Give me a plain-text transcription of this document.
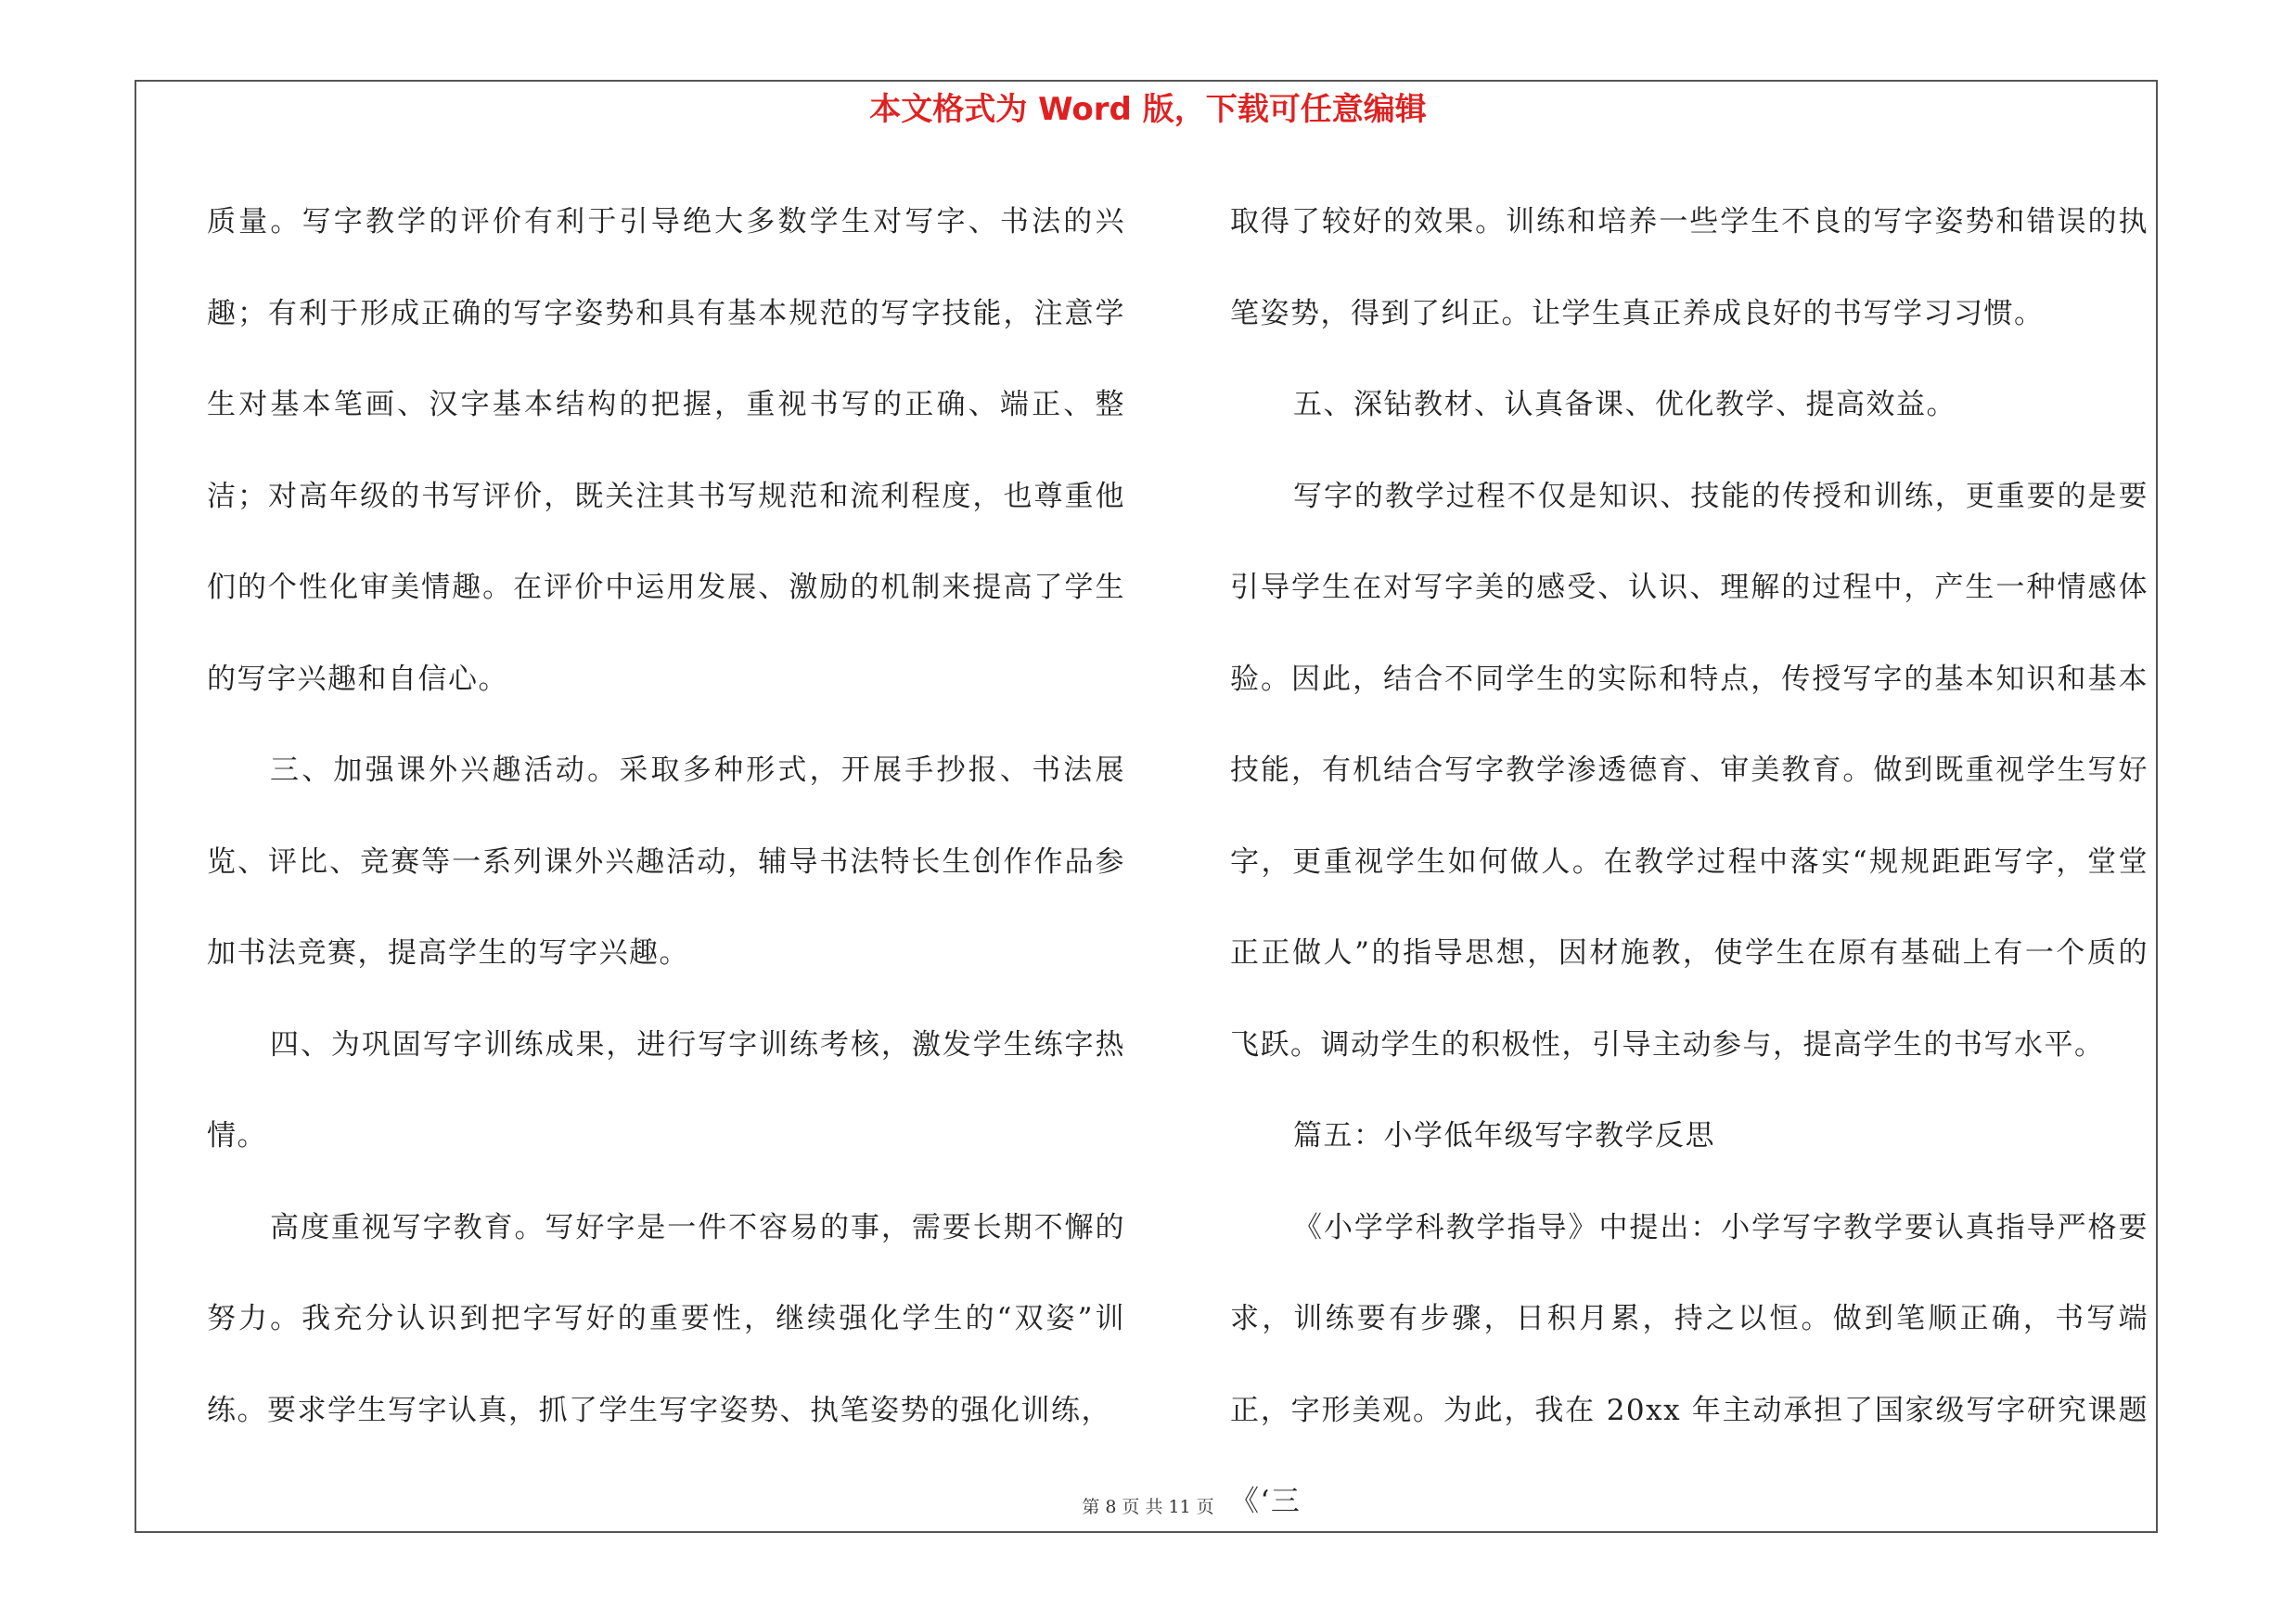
本文格式为 Word 版，下载可任意编辑

质量。写字教学的评价有利于引导绝大多数学生对写字、书法的兴趣；有利于形成正确的写字姿势和具有基本规范的写字技能，注意学生对基本笔画、汉字基本结构的把握，重视书写的正确、端正、整洁；对高年级的书写评价，既关注其书写规范和流利程度，也尊重他们的个性化审美情趣。在评价中运用发展、激励的机制来提高了学生的写字兴趣和自信心。

三、加强课外兴趣活动。采取多种形式，开展手抄报、书法展览、评比、竞赛等一系列课外兴趣活动，辅导书法特长生创作作品参加书法竞赛，提高学生的写字兴趣。

四、为巩固写字训练成果，进行写字训练考核，激发学生练字热情。

高度重视写字教育。写好字是一件不容易的事，需要长期不懈的努力。我充分认识到把字写好的重要性，继续强化学生的“双姿”训练。要求学生写字认真，抓了学生写字姿势、执笔姿势的强化训练，

取得了较好的效果。训练和培养一些学生不良的写字姿势和错误的执笔姿势，得到了纠正。让学生真正养成良好的书写学习习惯。

五、深钻教材、认真备课、优化教学、提高效益。

写字的教学过程不仅是知识、技能的传授和训练，更重要的是要引导学生在对写字美的感受、认识、理解的过程中，产生一种情感体验。因此，结合不同学生的实际和特点，传授写字的基本知识和基本技能，有机结合写字教学渗透德育、审美教育。做到既重视学生写好字，更重视学生如何做人。在教学过程中落实“规规距距写字，堂堂正正做人”的指导思想，因材施教，使学生在原有基础上有一个质的飞跃。调动学生的积极性，引导主动参与，提高学生的书写水平。

篇五：小学低年级写字教学反思

《小学学科教学指导》中提出：小学写字教学要认真指导严格要求，训练要有步骤，日积月累，持之以恒。做到笔顺正确，书写端正，字形美观。为此，我在 20xx 年主动承担了国家级写字研究课题《‘三

第 8 页 共 11 页
